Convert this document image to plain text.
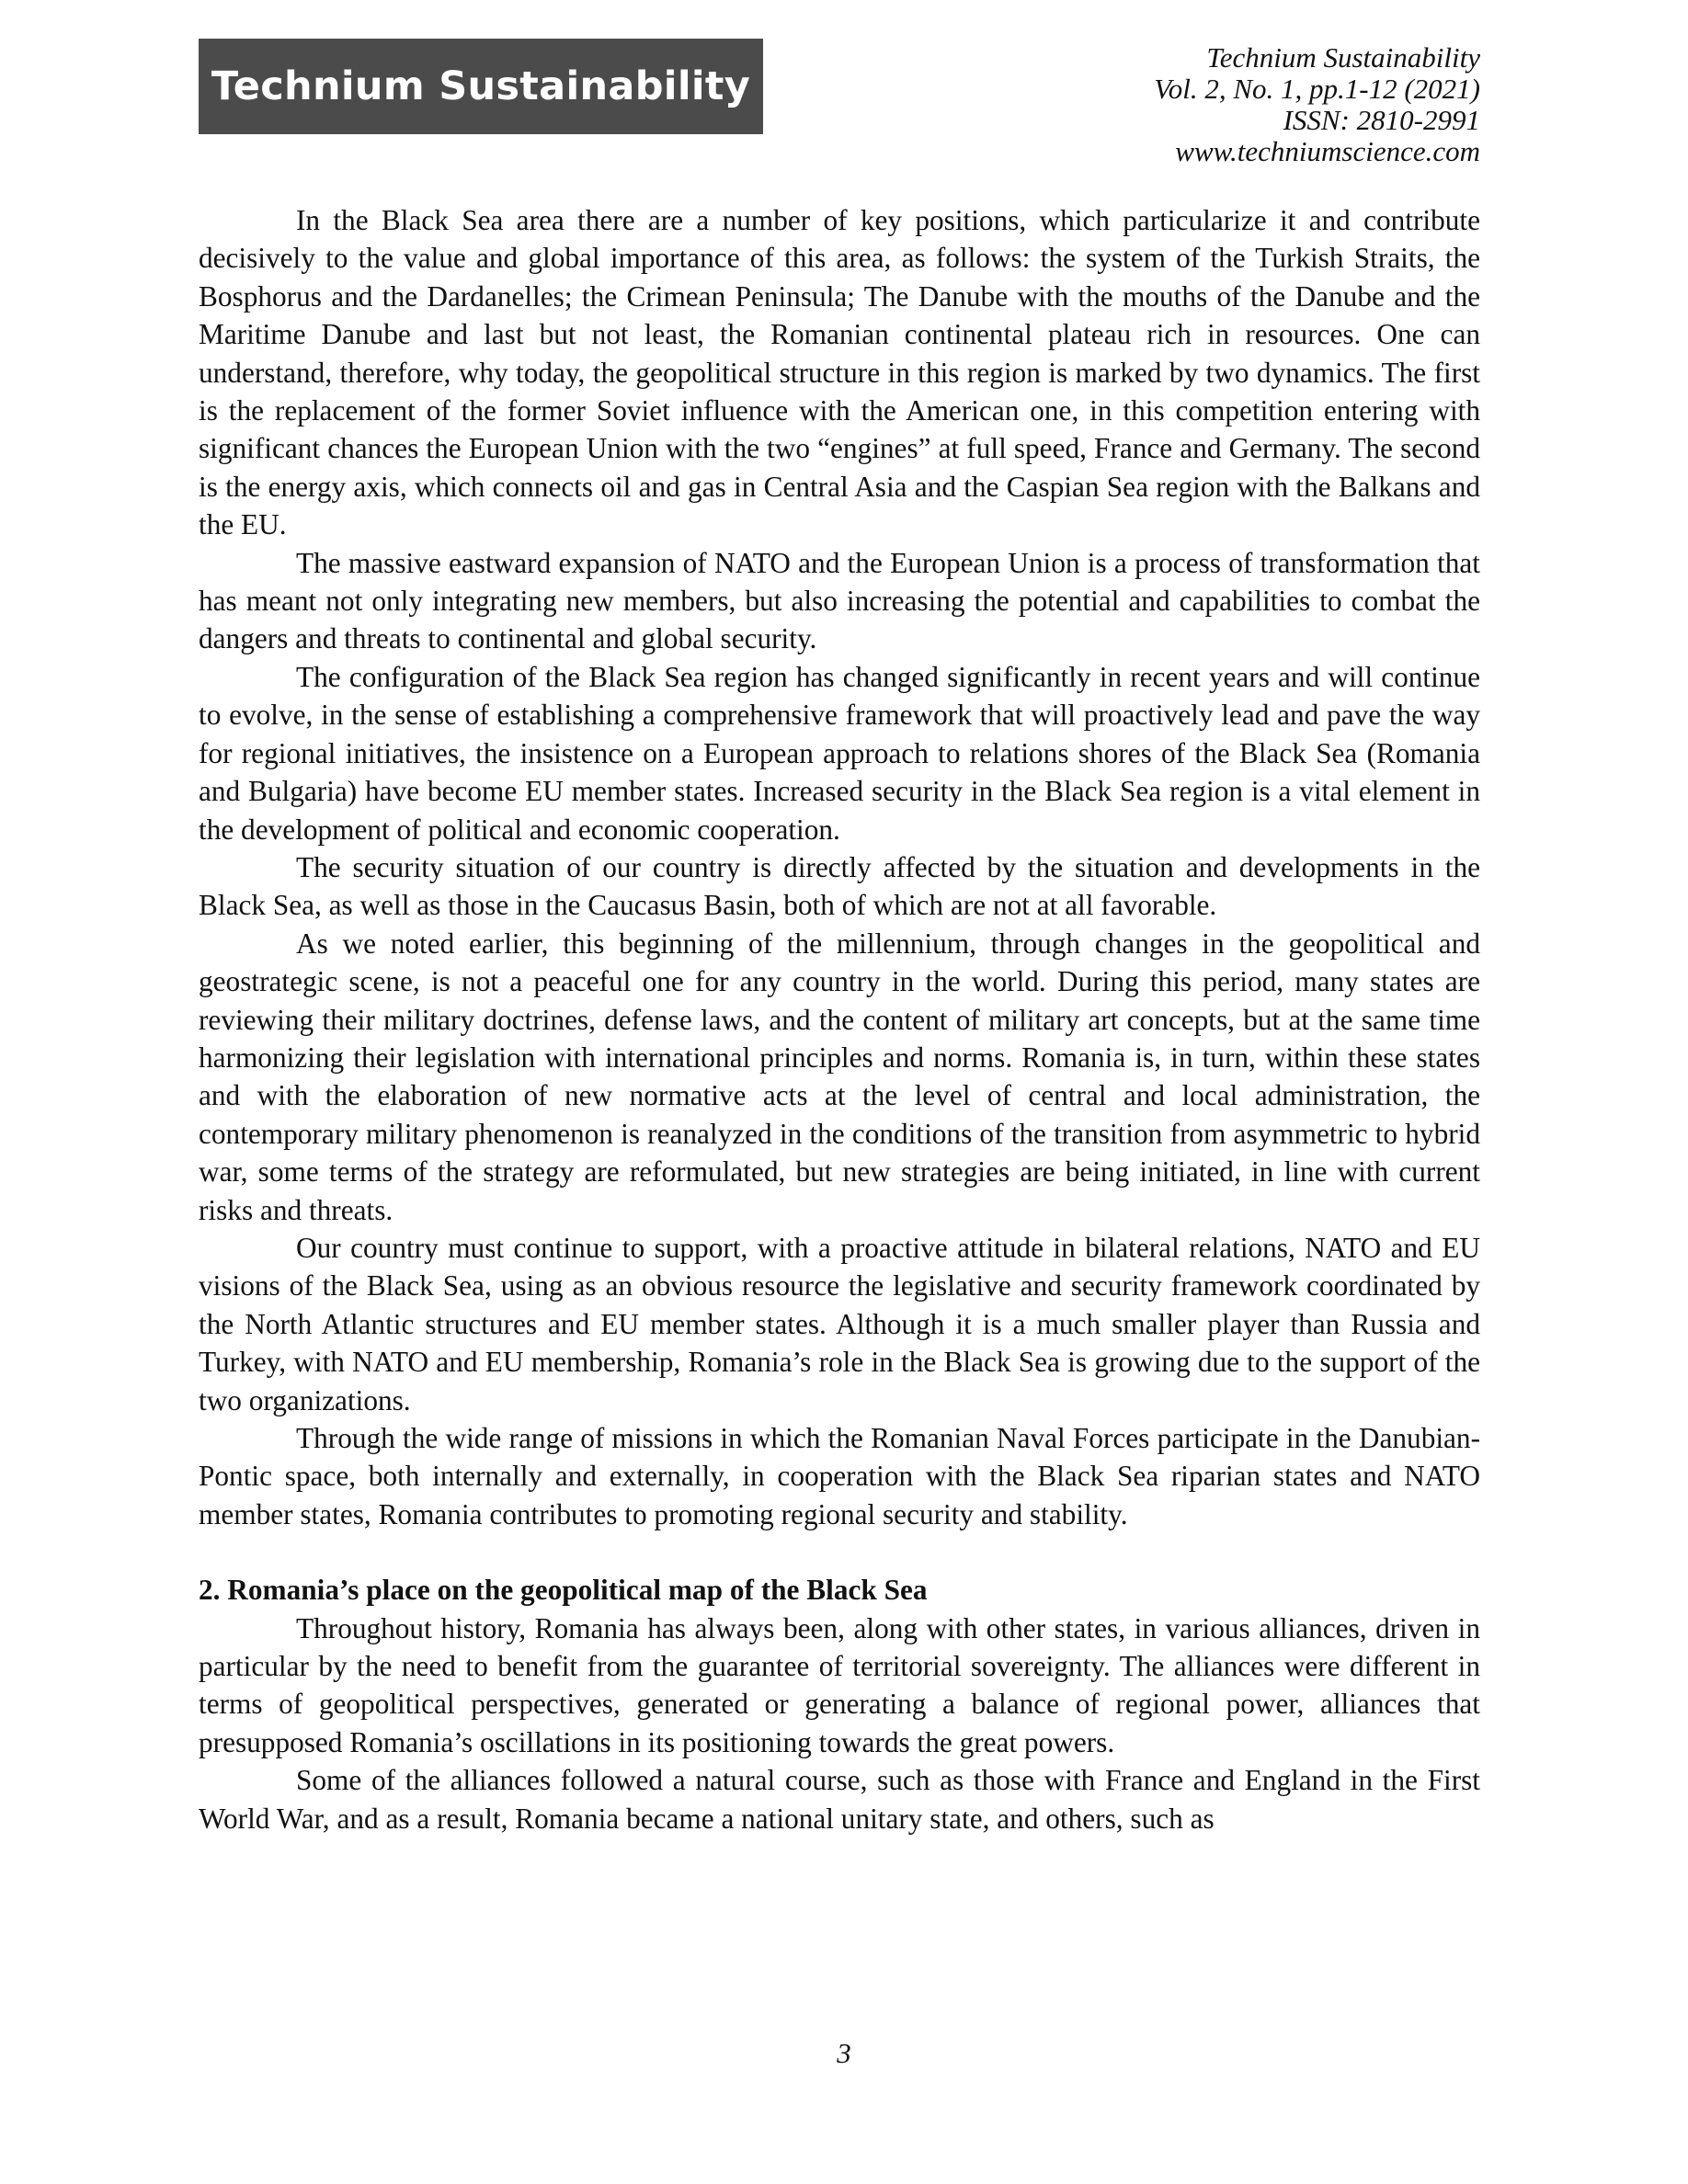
Technium Sustainability
Technium Sustainability
Vol. 2, No. 1, pp.1-12 (2021)
ISSN: 2810-2991
www.techniumscience.com

In the Black Sea area there are a number of key positions, which particularize it and contribute decisively to the value and global importance of this area, as follows: the system of the Turkish Straits, the Bosphorus and the Dardanelles; the Crimean Peninsula; The Danube with the mouths of the Danube and the Maritime Danube and last but not least, the Romanian continental plateau rich in resources. One can understand, therefore, why today, the geopolitical structure in this region is marked by two dynamics. The first is the replacement of the former Soviet influence with the American one, in this competition entering with significant chances the European Union with the two “engines” at full speed, France and Germany. The second is the energy axis, which connects oil and gas in Central Asia and the Caspian Sea region with the Balkans and the EU.

The massive eastward expansion of NATO and the European Union is a process of transformation that has meant not only integrating new members, but also increasing the potential and capabilities to combat the dangers and threats to continental and global security.

The configuration of the Black Sea region has changed significantly in recent years and will continue to evolve, in the sense of establishing a comprehensive framework that will proactively lead and pave the way for regional initiatives, the insistence on a European approach to relations shores of the Black Sea (Romania and Bulgaria) have become EU member states. Increased security in the Black Sea region is a vital element in the development of political and economic cooperation.

The security situation of our country is directly affected by the situation and developments in the Black Sea, as well as those in the Caucasus Basin, both of which are not at all favorable.

As we noted earlier, this beginning of the millennium, through changes in the geopolitical and geostrategic scene, is not a peaceful one for any country in the world. During this period, many states are reviewing their military doctrines, defense laws, and the content of military art concepts, but at the same time harmonizing their legislation with international principles and norms. Romania is, in turn, within these states and with the elaboration of new normative acts at the level of central and local administration, the contemporary military phenomenon is reanalyzed in the conditions of the transition from asymmetric to hybrid war, some terms of the strategy are reformulated, but new strategies are being initiated, in line with current risks and threats.

Our country must continue to support, with a proactive attitude in bilateral relations, NATO and EU visions of the Black Sea, using as an obvious resource the legislative and security framework coordinated by the North Atlantic structures and EU member states. Although it is a much smaller player than Russia and Turkey, with NATO and EU membership, Romania’s role in the Black Sea is growing due to the support of the two organizations.

Through the wide range of missions in which the Romanian Naval Forces participate in the Danubian-Pontic space, both internally and externally, in cooperation with the Black Sea riparian states and NATO member states, Romania contributes to promoting regional security and stability.

2. Romania’s place on the geopolitical map of the Black Sea

Throughout history, Romania has always been, along with other states, in various alliances, driven in particular by the need to benefit from the guarantee of territorial sovereignty. The alliances were different in terms of geopolitical perspectives, generated or generating a balance of regional power, alliances that presupposed Romania’s oscillations in its positioning towards the great powers.

Some of the alliances followed a natural course, such as those with France and England in the First World War, and as a result, Romania became a national unitary state, and others, such as

3
